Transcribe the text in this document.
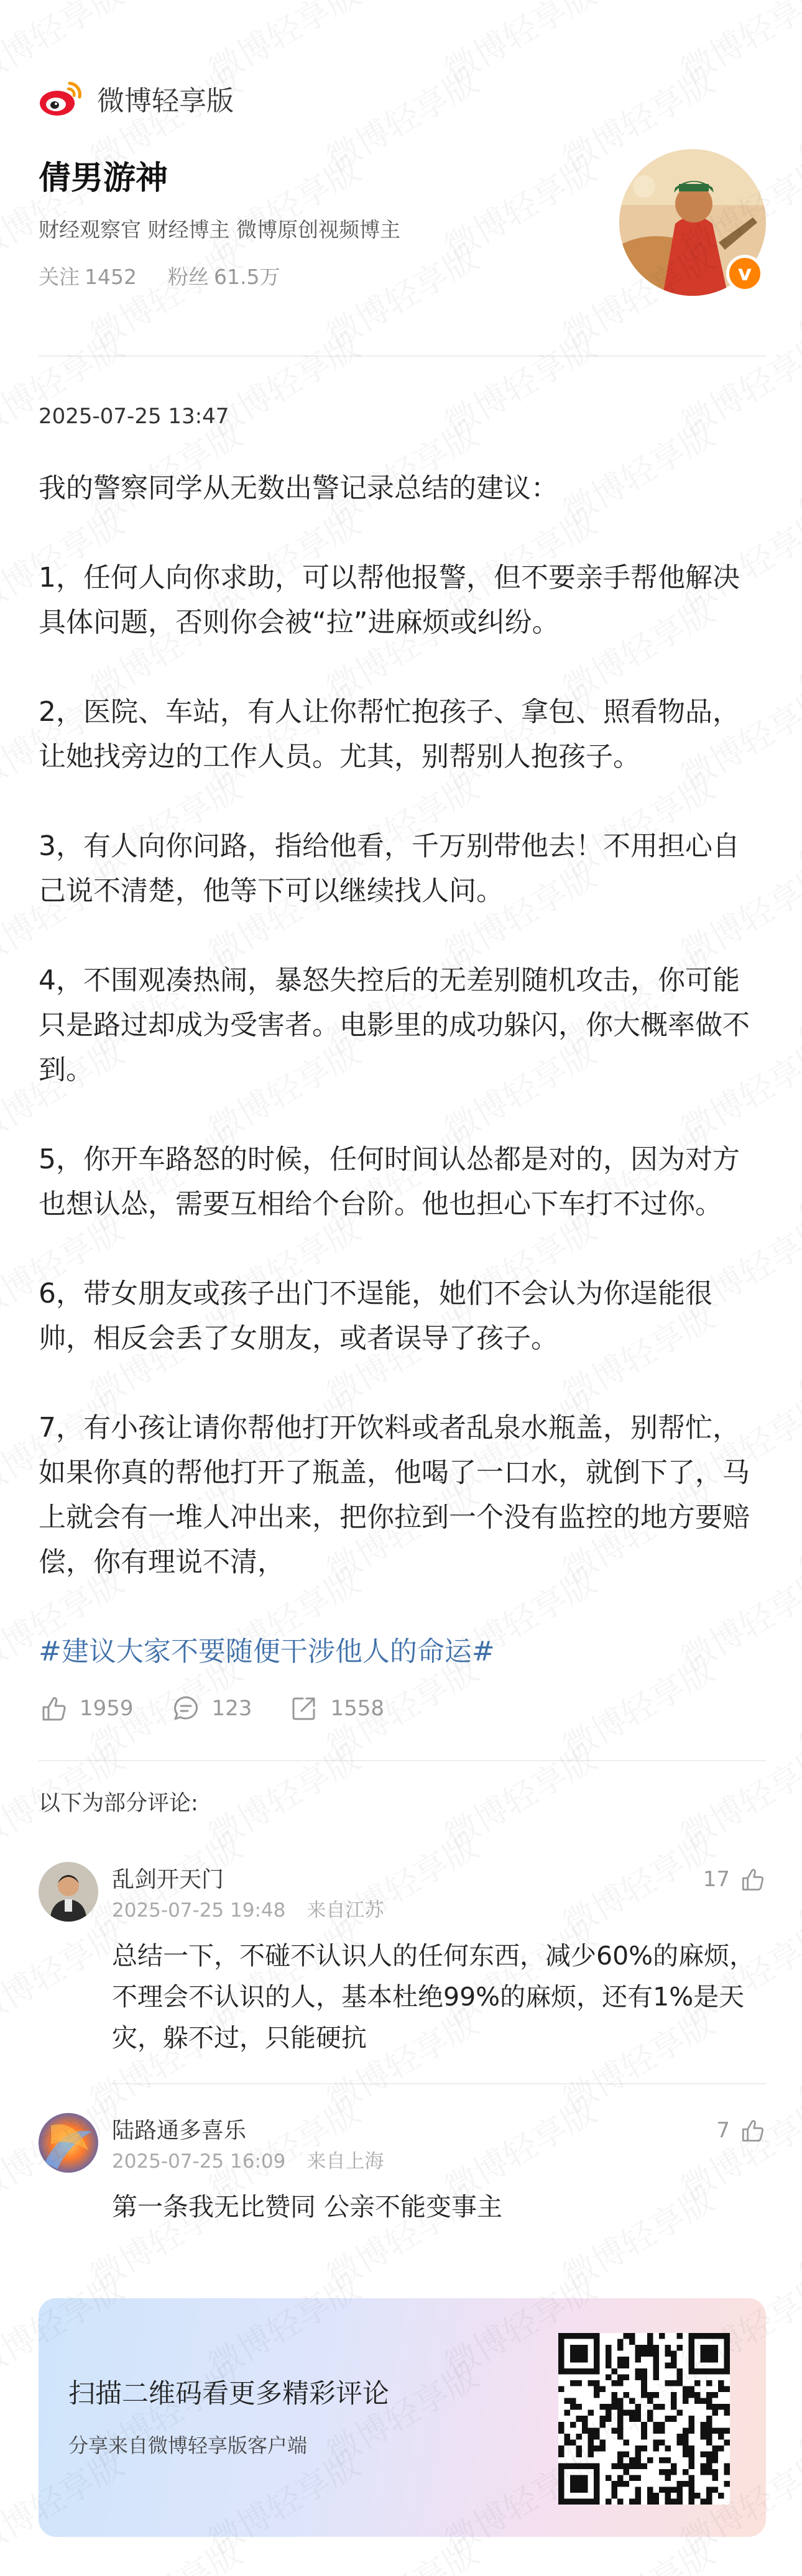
微博轻享版
倩男游神
财经观察官 财经博主 微博原创视频博主
关注 1452 粉丝 61.5万	v
2025-07-25 13:47
我的警察同学从无数出警记录总结的建议：
1，任何人向你求助，可以帮他报警，但不要亲手帮他解决具体问题，否则你会被“拉”进麻烦或纠纷。
2，医院、车站，有人让你帮忙抱孩子、拿包、照看物品，让她找旁边的工作人员。尤其，别帮别人抱孩子。
3，有人向你问路，指给他看，千万别带他去！不用担心自己说不清楚，他等下可以继续找人问。
4，不围观凑热闹，暴怒失控后的无差别随机攻击，你可能只是路过却成为受害者。电影里的成功躲闪，你大概率做不到。
5，你开车路怒的时候，任何时间认怂都是对的，因为对方也想认怂，需要互相给个台阶。他也担心下车打不过你。
6，带女朋友或孩子出门不逞能，她们不会认为你逞能很帅，相反会丢了女朋友，或者误导了孩子。
7，有小孩让请你帮他打开饮料或者乱泉水瓶盖，别帮忙，如果你真的帮他打开了瓶盖，他喝了一口水，就倒下了，马上就会有一堆人冲出来，把你拉到一个没有监控的地方要赔偿，你有理说不清，
#建议大家不要随便干涉他人的命运#
1959	123	1558
以下为部分评论:
乱剑开天门
2025-07-25 19:48 来自江苏
17
总结一下，不碰不认识人的任何东西，减少60%的麻烦，不理会不认识的人，基本杜绝99%的麻烦，还有1%是天灾，躲不过，只能硬抗
陆路通多喜乐
2025-07-25 16:09 来自上海
7
第一条我无比赞同 公亲不能变事主
扫描二维码看更多精彩评论
分享来自微博轻享版客户端
